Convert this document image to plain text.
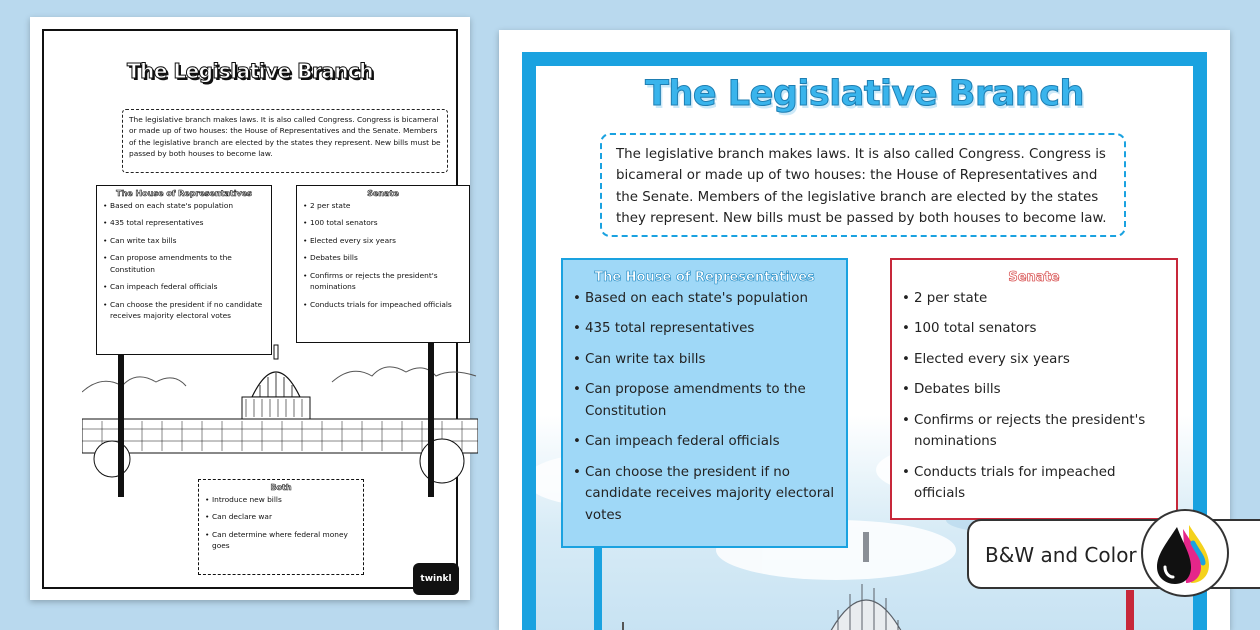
The Legislative Branch
The legislative branch makes laws. It is also called Congress. Congress is bicameral or made up of two houses: the House of Representatives and the Senate. Members of the legislative branch are elected by the states they represent. New bills must be passed by both houses to become law.
The House of Representatives
• Based on each state's population
• 435 total representatives
• Can write tax bills
• Can propose amendments to the Constitution
• Can impeach federal officials
• Can choose the president if no candidate receives majority electoral votes
Senate
• 2 per state
• 100 total senators
• Elected every six years
• Debates bills
• Confirms or rejects the president's nominations
• Conducts trials for impeached officials
Both
• Introduce new bills
• Can declare war
• Can determine where federal money goes
twinkl
The Legislative Branch
The legislative branch makes laws. It is also called Congress. Congress is bicameral or made up of two houses: the House of Representatives and the Senate. Members of the legislative branch are elected by the states they represent. New bills must be passed by both houses to become law.
The House of Representatives
• Based on each state's population
• 435 total representatives
• Can write tax bills
• Can propose amendments to the Constitution
• Can impeach federal officials
• Can choose the president if no candidate receives majority electoral votes
Senate
• 2 per state
• 100 total senators
• Elected every six years
• Debates bills
• Confirms or rejects the president's nominations
• Conducts trials for impeached officials
B&W and Color
